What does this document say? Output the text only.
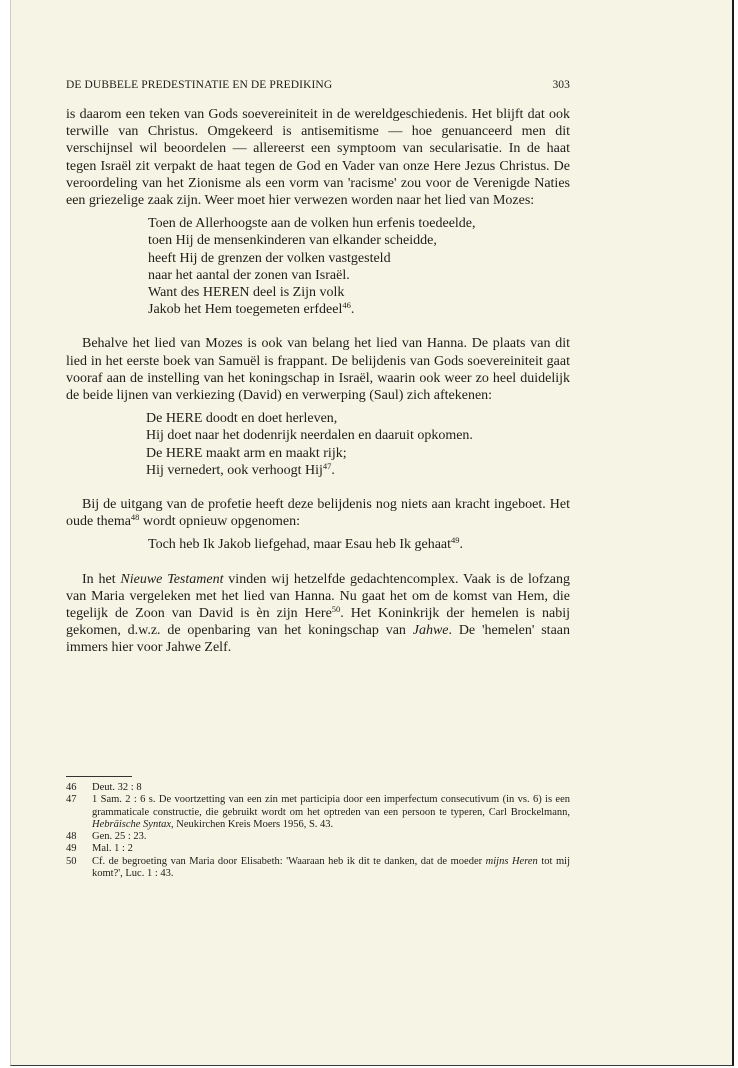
DE DUBBELE PREDESTINATIE EN DE PREDIKING	303

is daarom een teken van Gods soevereiniteit in de wereldgeschiedenis. Het blijft dat ook terwille van Christus. Omgekeerd is antisemitisme — hoe genuanceerd men dit verschijnsel wil beoordelen — allereerst een symptoom van secularisatie. In de haat tegen Israël zit verpakt de haat tegen de God en Vader van onze Here Jezus Christus. De veroordeling van het Zionisme als een vorm van 'racisme' zou voor de Verenigde Naties een griezelige zaak zijn. Weer moet hier verwezen worden naar het lied van Mozes:

Toen de Allerhoogste aan de volken hun erfenis toedeelde,
toen Hij de mensenkinderen van elkander scheidde,
heeft Hij de grenzen der volken vastgesteld
naar het aantal der zonen van Israël.
Want des HEREN deel is Zijn volk
Jakob het Hem toegemeten erfdeel$^{46}$.

Behalve het lied van Mozes is ook van belang het lied van Hanna. De plaats van dit lied in het eerste boek van Samuël is frappant. De belijdenis van Gods soevereiniteit gaat vooraf aan de instelling van het koningschap in Israël, waarin ook weer zo heel duidelijk de beide lijnen van verkiezing (David) en verwerping (Saul) zich aftekenen:

De HERE doodt en doet herleven,
Hij doet naar het dodenrijk neerdalen en daaruit opkomen.
De HERE maakt arm en maakt rijk;
Hij vernedert, ook verhoogt Hij$^{47}$.

Bij de uitgang van de profetie heeft deze belijdenis nog niets aan kracht ingeboet. Het oude thema$^{48}$ wordt opnieuw opgenomen:

Toch heb Ik Jakob liefgehad, maar Esau heb Ik gehaat$^{49}$.

In het Nieuwe Testament vinden wij hetzelfde gedachtencomplex. Vaak is de lofzang van Maria vergeleken met het lied van Hanna. Nu gaat het om de komst van Hem, die tegelijk de Zoon van David is èn zijn Here$^{50}$. Het Koninkrijk der hemelen is nabij gekomen, d.w.z. de openbaring van het koningschap van Jahwe. De 'hemelen' staan immers hier voor Jahwe Zelf.

46 Deut. 32 : 8
47 1 Sam. 2 : 6 s. De voortzetting van een zin met participia door een imperfectum consecutivum (in vs. 6) is een grammaticale constructie, die gebruikt wordt om het optreden van een persoon te typeren, Carl Brockelmann, Hebräische Syntax, Neukirchen Kreis Moers 1956, S. 43.
48 Gen. 25 : 23.
49 Mal. 1 : 2
50 Cf. de begroeting van Maria door Elisabeth: 'Waaraan heb ik dit te danken, dat de moeder mijns Heren tot mij komt?', Luc. 1 : 43.
